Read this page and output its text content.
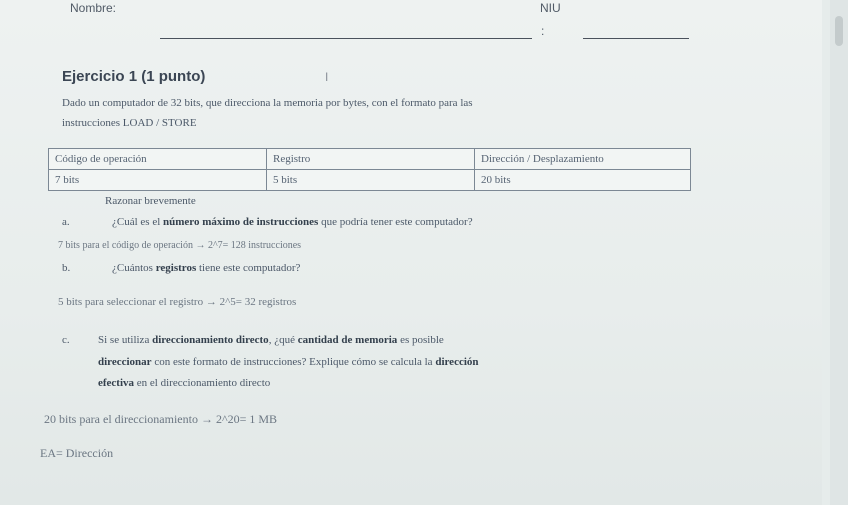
Nombre:	NIU
:
Ejercicio 1 (1 punto)	I
Dado un computador de 32 bits, que direcciona la memoria por bytes, con el formato para las
instrucciones LOAD / STORE
Código de operación	Registro	Dirección / Desplazamiento
7 bits	5 bits	20 bits
Razonar brevemente
a.	¿Cuál es el número máximo de instrucciones que podría tener este computador?
7 bits para el código de operación → 2^7= 128 instrucciones
b.	¿Cuántos registros tiene este computador?
5 bits para seleccionar el registro → 2^5= 32 registros
c.	Si se utiliza direccionamiento directo, ¿qué cantidad de memoria es posible
direccionar con este formato de instrucciones? Explique cómo se calcula la dirección
efectiva en el direccionamiento directo
20 bits para el direccionamiento → 2^20= 1 MB
EA= Dirección
